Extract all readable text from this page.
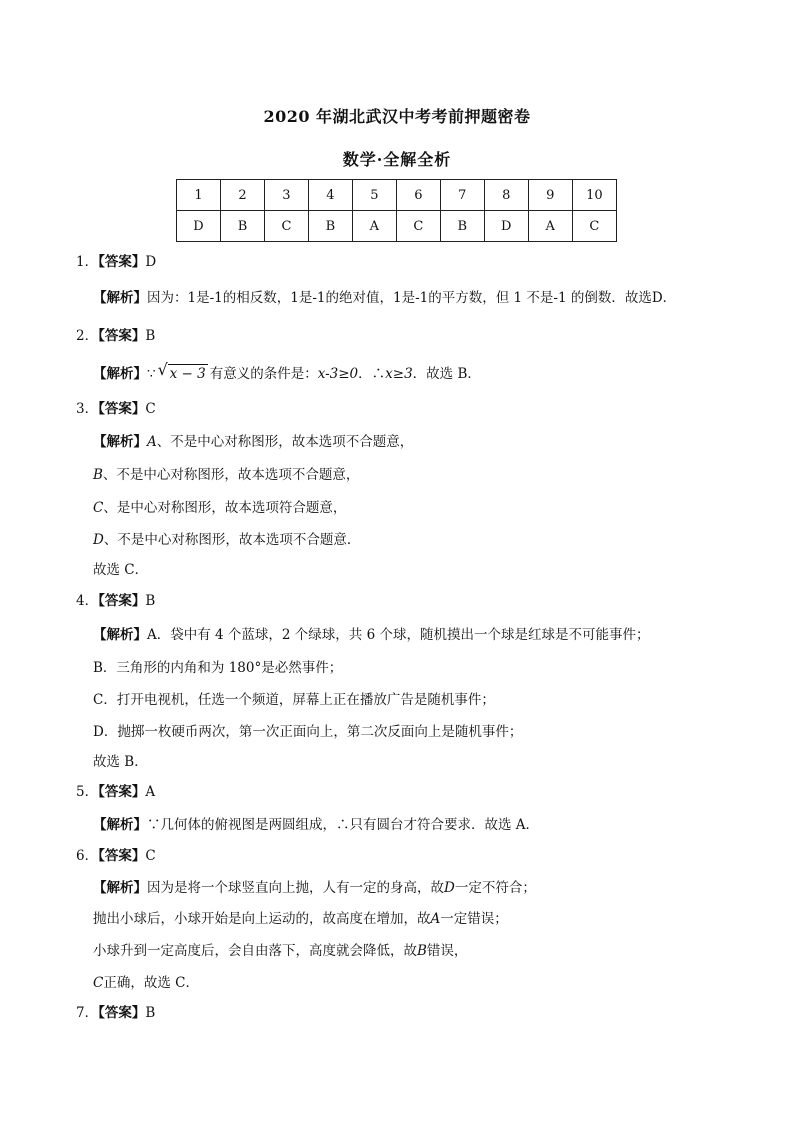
2020 年湖北武汉中考考前押题密卷
数学·全解全析
1	2	3	4	5	6	7	8	9	10
D	B	C	B	A	C	B	D	A	C
1．【答案】D
【解析】因为：1是-1的相反数，1是-1的绝对值，1是-1的平方数，但 1 不是-1 的倒数．故选D．
2．【答案】B
【解析】∵ √ x − 3 有意义的条件是：x-3≥0．∴x≥3．故选 B．
3．【答案】C
【解析】A、不是中心对称图形，故本选项不合题意，
B、不是中心对称图形，故本选项不合题意，
C、是中心对称图形，故本选项符合题意，
D、不是中心对称图形，故本选项不合题意．
故选 C．
4．【答案】B
【解析】A．袋中有 4 个蓝球，2 个绿球，共 6 个球，随机摸出一个球是红球是不可能事件；
B．三角形的内角和为 180°是必然事件；
C．打开电视机，任选一个频道，屏幕上正在播放广告是随机事件；
D．抛掷一枚硬币两次，第一次正面向上，第二次反面向上是随机事件；
故选 B．
5．【答案】A
【解析】∵几何体的俯视图是两圆组成，∴只有圆台才符合要求．故选 A．
6．【答案】C
【解析】因为是将一个球竖直向上抛，人有一定的身高，故D一定不符合；
抛出小球后，小球开始是向上运动的，故高度在增加，故A一定错误；
小球升到一定高度后，会自由落下，高度就会降低，故B错误，
C正确，故选 C．
7．【答案】B
